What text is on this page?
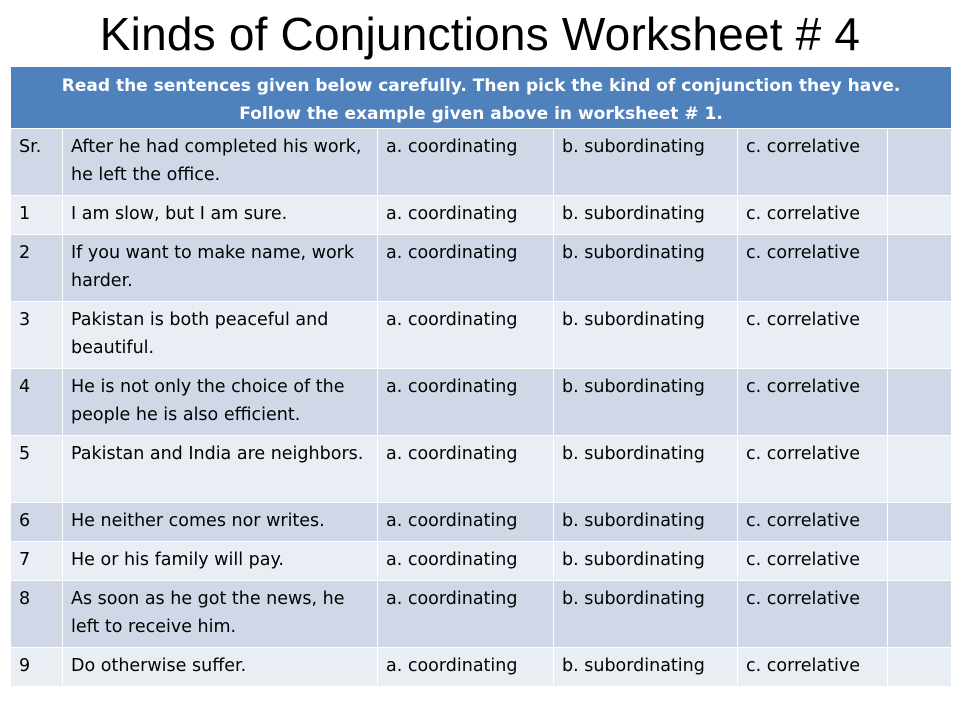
Kinds of Conjunctions Worksheet # 4
Read the sentences given below carefully. Then pick the kind of conjunction they have.
Follow the example given above in worksheet # 1.					

Sr.	After he had completed his work, he left the office.	a. coordinating	b. subordinating	c. correlative	
1	I am slow, but I am sure.	a. coordinating	b. subordinating	c. correlative	
2	If you want to make name, work harder.	a. coordinating	b. subordinating	c. correlative	
3	Pakistan is both peaceful and beautiful.	a. coordinating	b. subordinating	c. correlative	
4	He is not only the choice of the people he is also efficient.	a. coordinating	b. subordinating	c. correlative	
5	Pakistan and India are neighbors.	a. coordinating	b. subordinating	c. correlative	
6	He neither comes nor writes.	a. coordinating	b. subordinating	c. correlative	
7	He or his family will pay.	a. coordinating	b. subordinating	c. correlative	
8	As soon as he got the news, he left to receive him.	a. coordinating	b. subordinating	c. correlative	
9	Do otherwise suffer.	a. coordinating	b. subordinating	c. correlative	
